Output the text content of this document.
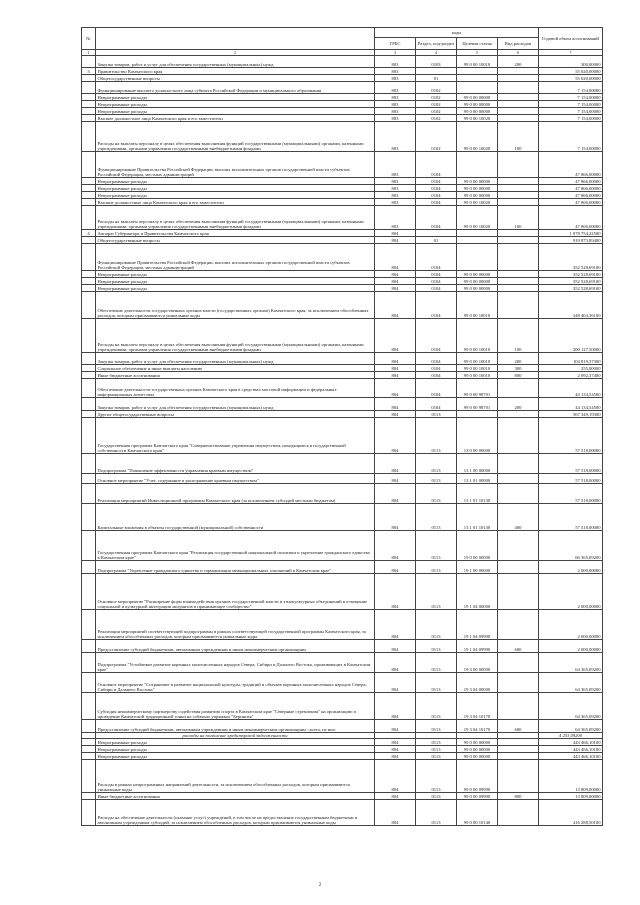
№		коды				Годовой объем ассигнований
		ГРБС	Раздел, под-раздел	Целевая статья	Вид расходов	
1	2	3	4	5	6	7
	Закупка товаров, работ и услуг для обеспечения государственных (муниципальных) нужд	803	0103	99 0 00 10010	200	300,00000
3	Правительство Камчатского края	803				55 020,00000
	Общегосударственные вопросы	803	01			55 020,00000
	Функционирование высшего должностного лица субъекта Российской Федерации и муниципального образования	803	0102			7 154,00000
	Непрограммные расходы	803	0102	99 0 00 00000		7 154,00000
	Непрограммные расходы	803	0102	99 0 00 00000		7 154,00000
	Непрограммные расходы	803	0102	99 0 00 00000		7 154,00000
	Высшее должностное лицо Камчатского края и его заместители	803	0102	99 0 00 10020		7 154,00000
	Расходы на выплаты персоналу в целях обеспечения выполнения функций государственными (муниципальными) органами, казенными учреждениями, органами управления государственными внебюджетными фондами	803	0102	99 0 00 10020	100	7 154,00000
	Функционирование Правительства Российской Федерации, высших исполнительных органов государственной власти субъектов Российской Федерации, местных администраций	803	0104			47 866,00000
	Непрограммные расходы	803	0104	99 0 00 00000		47 866,00000
	Непрограммные расходы	803	0104	99 0 00 00000		47 866,00000
	Непрограммные расходы	803	0104	99 0 00 00000		47 866,00000
	Высшие должностные лица Камчатского края и его заместители	803	0104	99 0 00 10020		47 866,00000
	Расходы на выплаты персоналу в целях обеспечения выполнения функций государственными (муниципальными) органами, казенными учреждениями, органами управления государственными внебюджетными фондами	803	0104	99 0 00 10020	100	47 866,00000
4	Аппарат Губернатора и Правительства Камчатского края	804				1 078 754,22500
	Общегосударственные вопросы	804	01			919 873,89400
	Функционирование Правительства Российской Федерации, высших исполнительных органов государственной власти субъектов Российской Федерации, местных администраций	804	0104			352 528,69100
	Непрограммные расходы	804	0104	99 0 00 00000		352 528,69100
	Непрограммные расходы	804	0104	99 0 00 00000		352 528,69100
	Непрограммные расходы	804	0104	99 0 00 00000		352 528,69100
	Обеспечение деятельности государственных органов власти (государственных органов) Камчатского края, за исключением обособленных расходов, которым присваиваются уникальные коды	804	0104	99 0 00 10010		348 404,36100
	Расходы на выплаты персоналу в целях обеспечения выполнения функций государственными (муниципальными) органами, казенными учреждениями, органами управления государственными внебюджетными фондами	804	0104	99 0 00 10010	100	200 127,50000
	Закупка товаров, работ и услуг для обеспечения государственных (муниципальных) нужд	804	0104	99 0 00 10010	200	104 819,37300
	Социальное обеспечение и иные выплаты населению	804	0104	99 0 00 10010	300	255,00000
	Иные бюджетные ассигнования	804	0104	99 0 00 10010	800	2 092,37400
	Обеспечение деятельности государственных органов Камчатского края в средствах массовой информации и федеральных информационных агентствах	804	0104	99 0 00 98701		44 134,54500
	Закупка товаров, работ и услуг для обеспечения государственных (муниципальных) нужд	804	0104	99 0 00 98701	200	44 134,54500
	Другие общегосударственные вопросы	804	0113			567 349,19300
	Государственная программа Камчатского края "Совершенствование управления имуществом, находящимся в государственной собственности Камчатского края"	804	0113	13 0 00 00000		57 518,00000
	Подпрограмма "Повышение эффективности управления краевым имуществом"	804	0113	13 1 00 00000		57 518,00000
	Основное мероприятие "Учет, содержание и распоряжение краевым имуществом"	804	0113	13 1 01 00000		57 518,00000
	Реализация мероприятий Инвестиционной программы Камчатского края (за исключением субсидий местным бюджетам)	804	0113	13 1 01 10130		57 518,00000
	Капитальные вложения в объекты государственной (муниципальной) собственности	804	0113	13 1 01 10130	400	57 518,00000
	Государственная программа Камчатского края "Реализация государственной национальной политики и укрепление гражданского единства в Камчатском крае"	804	0113	19 0 00 00000		66 365,09200
	Подпрограмма "Укрепление гражданского единства и гармонизация межнациональных отношений в Камчатском крае"	804	0113	19 1 00 00000		2 000,00000
	Основное мероприятие "Расширение форм взаимодействия органов государственной власти и этнокультурных объединений в освещение социальной и культурной интеграции мигрантов в принимающее сообщество"	804	0113	19 1 04 00000		2 000,00000
	Реализация мероприятий соответствующей подпрограммы в рамках соответствующей государственной программы Камчатского края, за исключением обособленных расходов, которым присваиваются уникальные коды	804	0113	19 1 04 09990		2 000,00000
	Предоставление субсидий бюджетным, автономным учреждениям и иным некоммерческим организациям	804	0113	19 1 04 09990	600	2 000,00000
	Подпрограмма "Устойчивое развитие коренных малочисленных народов Севера, Сибири и Дальнего Востока, проживающих в Камчатском крае"	804	0113	19 3 00 00000		64 365,09200
	Основное мероприятие "Сохранение и развитие национальной культуры, традиций и обычаев коренных малочисленных народов Севера, Сибири и Дальнего Востока"	804	0113	19 3 04 00000		64 365,09200
	Субсидия некоммерческому партнерству содействия развитию спорта в Камчатском крае "Северные стремления" на организацию и проведение Камчатской традиционной гонки на собачьих упряжках "Берингия"	804	0113	19 3 04 10170		64 365,09200
	Предоставление субсидий бюджетным, автономным учреждениям и иным некоммерческим организациям - всего, из них:	804	0113	19 3 04 10170	600	64 365,09200
	расходы на погашение кредиторской задолженности					4 253,09200
	Непрограммные расходы	804	0113	99 0 00 00000		443 466,10100
	Непрограммные расходы	804	0113	99 0 00 00000		443 466,10100
	Непрограммные расходы	804	0113	99 0 00 00000		443 466,10100
	Расходы в рамках непрограммных направлений деятельности, за исключением обособленных расходов, которым присваиваются уникальные коды	804	0113	99 0 00 09990		13 809,00000
	Иные бюджетные ассигнования	804	0113	99 0 00 09990	800	13 809,00000
	Расходы на обеспечение деятельности (оказание услуг) учреждений, в том числе на предоставление государственным бюджетным и автономным учреждениям субсидий, за исключением обособленных расходов, которым присваиваются уникальные коды	804	0113	99 0 00 10140		416 288,50100
2
